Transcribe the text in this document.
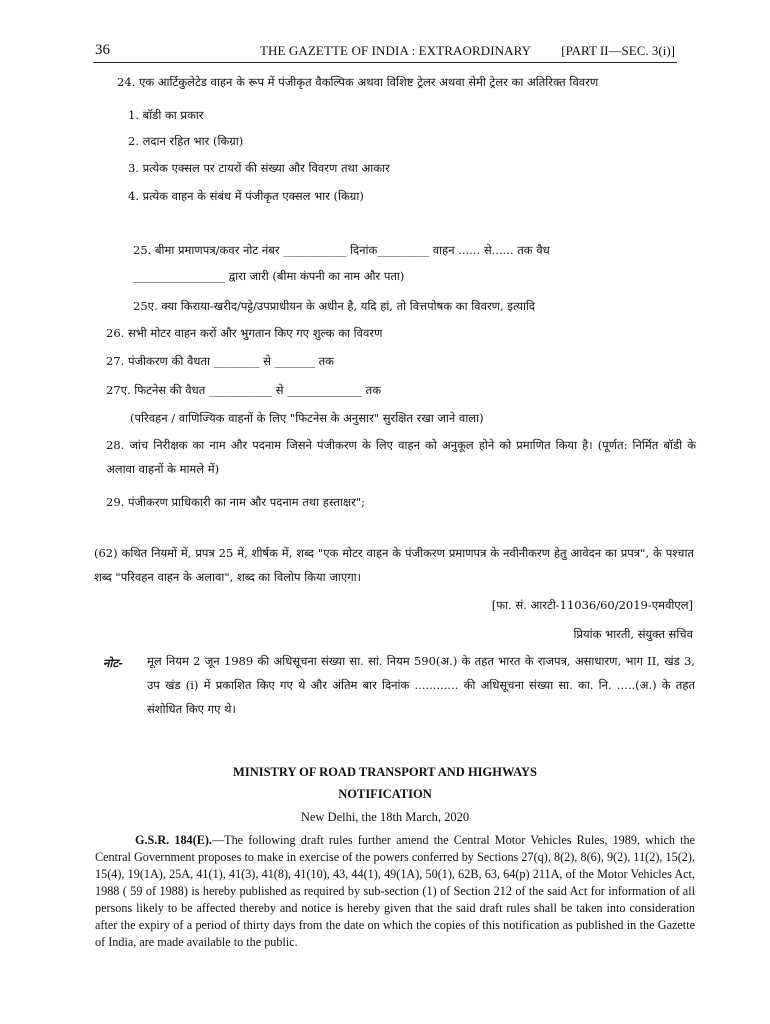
36	THE GAZETTE OF INDIA : EXTRAORDINARY [PART II—SEC. 3(i)]
24. एक आर्टिकुलेटेड वाहन के रूप में पंजीकृत वैकल्पिक अथवा विशिष्ट ट्रेलर अथवा सेमी ट्रेलर का अतिरिक्त विवरण
1. बॉडी का प्रकार
2. लदान रहित भार (किग्रा)
3. प्रत्येक एक्सल पर टायरों की संख्या और विवरण तथा आकार
4. प्रत्येक वाहन के संबंध में पंजीकृत एक्सल भार (किग्रा)
25. बीमा प्रमाणपत्र/कवर नोट नंबर ___________ दिनांक_________ वाहन ...... से...... तक वैध
________________ द्वारा जारी (बीमा कंपनी का नाम और पता)
25ए. क्या किराया-खरीद/पट्टे/उपप्राधीयन के अधीन है, यदि हां, तो वित्तपोषक का विवरण, इत्यादि
26. सभी मोटर वाहन करों और भुगतान किए गए शुल्क का विवरण
27. पंजीकरण की वैधता ________ से _______ तक
27ए. फिटनेस की वैधत ___________ से _____________ तक
(परिवहन / वाणिज्यिक वाहनों के लिए "फिटनेस के अनुसार" सुरक्षित रखा जाने वाला)
28. जांच निरीक्षक का नाम और पदनाम जिसने पंजीकरण के लिए वाहन को अनुकूल होने को प्रमाणित किया है। (पूर्णत: निर्मित बॉडी के अलावा वाहनों के मामले में)
29. पंजीकरण प्राधिकारी का नाम और पदनाम तथा हस्ताक्षर";
(62) कथित नियमों में, प्रपत्र 25 में, शीर्षक में, शब्द "एक मोटर वाहन के पंजीकरण प्रमाणपत्र के नवीनीकरण हेतु आवेदन का प्रपत्र", के पश्चात शब्द "परिवहन वाहन के अलावा", शब्द का विलोप किया जाएगा।
[फा. सं. आरटी-11036/60/2019-एमवीएल]
प्रियांक भारती, संयुक्त सचिव
नोट- मूल नियम 2 जून 1989 की अधिसूचना संख्या सा. सां. नियम 590(अ.) के तहत भारत के राजपत्र, असाधारण, भाग II, खंड 3, उप खंड (i) में प्रकाशित किए गए थे और अंतिम बार दिनांक ............ की अधिसूचना संख्या सा. का. नि. .....(अ.) के तहत संशोधित किए गए थे।
MINISTRY OF ROAD TRANSPORT AND HIGHWAYS
NOTIFICATION
New Delhi, the 18th March, 2020
G.S.R. 184(E).—The following draft rules further amend the Central Motor Vehicles Rules, 1989, which the Central Government proposes to make in exercise of the powers conferred by Sections 27(q), 8(2), 8(6), 9(2), 11(2), 15(2), 15(4), 19(1A), 25A, 41(1), 41(3), 41(8), 41(10), 43, 44(1), 49(1A), 50(1), 62B, 63, 64(p) 211A, of the Motor Vehicles Act, 1988 ( 59 of 1988) is hereby published as required by sub-section (1) of Section 212 of the said Act for information of all persons likely to be affected thereby and notice is hereby given that the said draft rules shall be taken into consideration after the expiry of a period of thirty days from the date on which the copies of this notification as published in the Gazette of India, are made available to the public.
